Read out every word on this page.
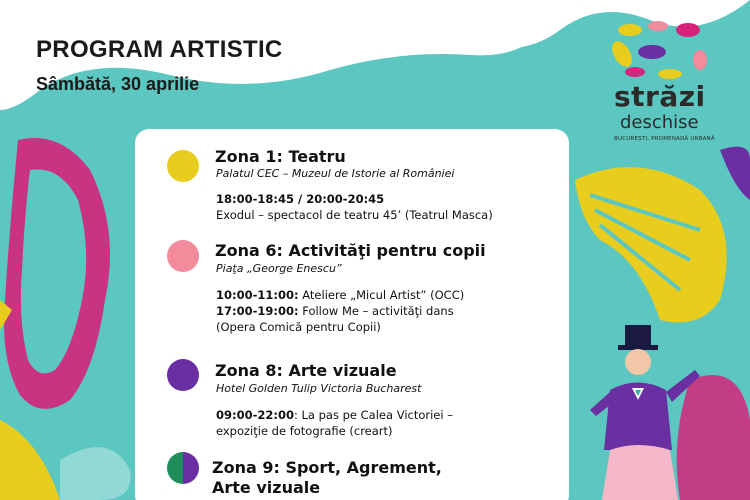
PROGRAM ARTISTIC
Sâmbătă, 30 aprilie	străzi
deschise
BUCUREȘTI, PROMENADĂ URBANĂ
Zona 1: Teatru
Palatul CEC – Muzeul de Istorie al României
18:00-18:45 / 20:00-20:45
Exodul – spectacol de teatru 45’ (Teatrul Masca)
Zona 6: Activităţi pentru copii
Piaţa „George Enescu”
10:00-11:00: Ateliere „Micul Artist” (OCC)
17:00-19:00: Follow Me – activităţi dans
(Opera Comică pentru Copii)
Zona 8: Arte vizuale
Hotel Golden Tulip Victoria Bucharest
09:00-22:00: La pas pe Calea Victoriei –
expoziţie de fotografie (creart)
Zona 9: Sport, Agrement,
Arte vizuale
